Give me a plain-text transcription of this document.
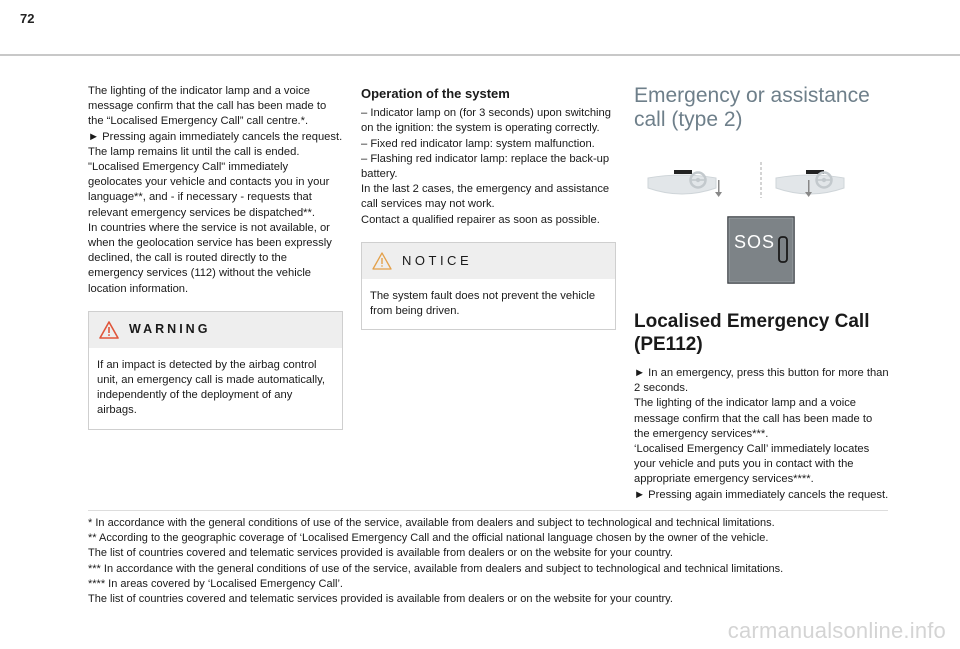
72

The lighting of the indicator lamp and a voice message confirm that the call has been made to the “Localised Emergency Call” call centre.*.

► Pressing again immediately cancels the request.

The lamp remains lit until the call is ended.

"Localised Emergency Call" immediately geolocates your vehicle and contacts you in your language**, and - if necessary - requests that relevant emergency services be dispatched**.

In countries where the service is not available, or when the geolocation service has been expressly declined, the call is routed directly to the emergency services (112) without the vehicle location information.

WARNING
If an impact is detected by the airbag control unit, an emergency call is made automatically, independently of the deployment of any airbags.
Operation of the system

– Indicator lamp on (for 3 seconds) upon switching on the ignition: the system is operating correctly.

– Fixed red indicator lamp: system malfunction.

– Flashing red indicator lamp: replace the back-up battery.

In the last 2 cases, the emergency and assistance call services may not work.

Contact a qualified repairer as soon as possible.

NOTICE
The system fault does not prevent the vehicle from being driven.
Emergency or assistance call (type 2)
SOS
Localised Emergency Call (PE112)

► In an emergency, press this button for more than 2 seconds.

The lighting of the indicator lamp and a voice message confirm that the call has been made to the emergency services***.

‘Localised Emergency Call’ immediately locates your vehicle and puts you in contact with the appropriate emergency services****.

► Pressing again immediately cancels the request.

* In accordance with the general conditions of use of the service, available from dealers and subject to technological and technical limitations.

** According to the geographic coverage of ‘Localised Emergency Call and the official national language chosen by the owner of the vehicle.

The list of countries covered and telematic services provided is available from dealers or on the website for your country.

*** In accordance with the general conditions of use of the service, available from dealers and subject to technological and technical limitations.

**** In areas covered by ‘Localised Emergency Call’.

The list of countries covered and telematic services provided is available from dealers or on the website for your country.

carmanualsonline.info
